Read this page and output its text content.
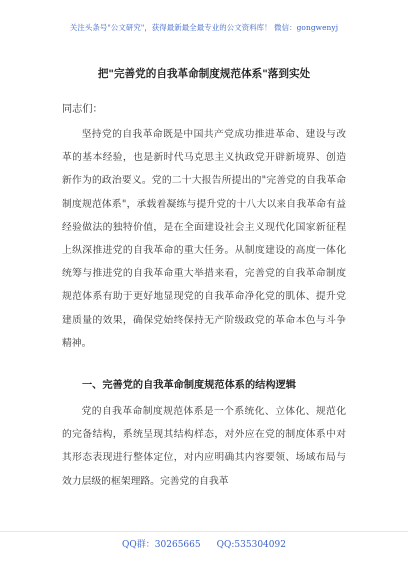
关注头条号"公文研究"，获得最新最全最专业的公文资料库！ 微信：gongwenyj
把"完善党的自我革命制度规范体系"落到实处
同志们：

坚持党的自我革命既是中国共产党成功推进革命、建设与改革的基本经验，也是新时代马克思主义执政党开辟新境界、创造新作为的政治要义。党的二十大报告所提出的"完善党的自我革命制度规范体系"，承载着凝练与提升党的十八大以来自我革命有益经验做法的独特价值，是在全面建设社会主义现代化国家新征程上纵深推进党的自我革命的重大任务。从制度建设的高度一体化统筹与推进党的自我革命重大举措来看，完善党的自我革命制度规范体系有助于更好地显现党的自我革命净化党的肌体、提升党建质量的效果，确保党始终保持无产阶级政党的革命本色与斗争精神。

一、完善党的自我革命制度规范体系的结构逻辑

党的自我革命制度规范体系是一个系统化、立体化、规范化的完备结构，系统呈现其结构样态，对外应在党的制度体系中对其形态表现进行整体定位，对内应明确其内容要领、场域布局与效力层级的框架理路。完善党的自我革

QQ群：30265665 QQ:535304092
